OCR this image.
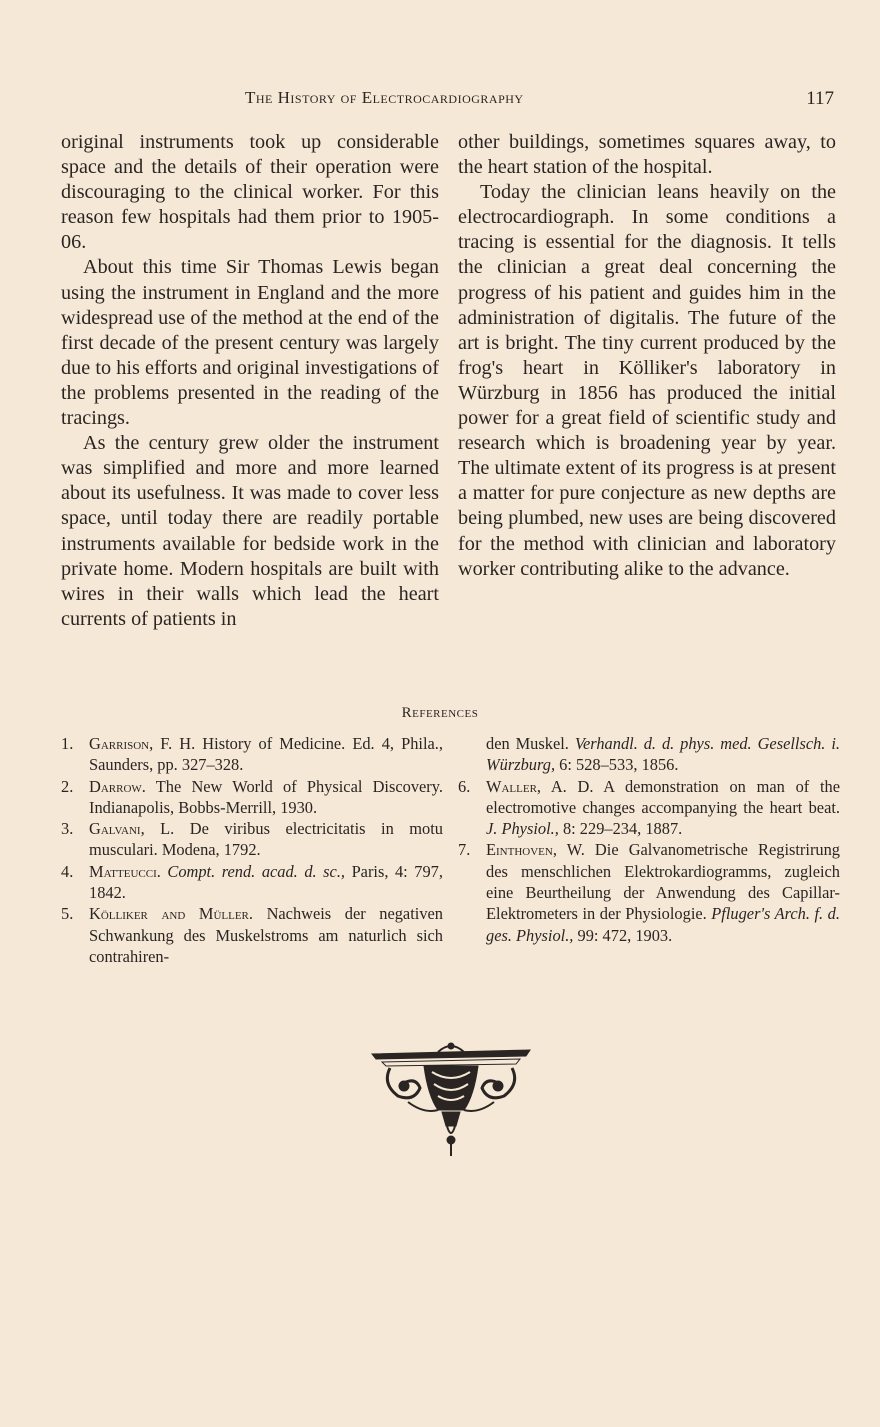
The History of Electrocardiography	117

original instruments took up considerable space and the details of their operation were discouraging to the clinical worker. For this reason few hospitals had them prior to 1905-06.

About this time Sir Thomas Lewis began using the instrument in England and the more widespread use of the method at the end of the first decade of the present century was largely due to his efforts and original investigations of the problems presented in the reading of the tracings.

As the century grew older the instrument was simplified and more and more learned about its usefulness. It was made to cover less space, until today there are readily portable instruments available for bedside work in the private home. Modern hospitals are built with wires in their walls which lead the heart currents of patients in

other buildings, sometimes squares away, to the heart station of the hospital.

Today the clinician leans heavily on the electrocardiograph. In some conditions a tracing is essential for the diagnosis. It tells the clinician a great deal concerning the progress of his patient and guides him in the administration of digitalis. The future of the art is bright. The tiny current produced by the frog's heart in Kölliker's laboratory in Würzburg in 1856 has produced the initial power for a great field of scientific study and research which is broadening year by year. The ultimate extent of its progress is at present a matter for pure conjecture as new depths are being plumbed, new uses are being discovered for the method with clinician and laboratory worker contributing alike to the advance.

References
1. Garrison, F. H. History of Medicine. Ed. 4, Phila., Saunders, pp. 327–328.
2. Darrow. The New World of Physical Discovery. Indianapolis, Bobbs-Merrill, 1930.
3. Galvani, L. De viribus electricitatis in motu musculari. Modena, 1792.
4. Matteucci. Compt. rend. acad. d. sc., Paris, 4: 797, 1842.
5. Kölliker and Müller. Nachweis der negativen Schwankung des Muskelstroms am naturlich sich contrahiren-
den Muskel. Verhandl. d. d. phys. med. Gesellsch. i. Würzburg, 6: 528–533, 1856.
6. Waller, A. D. A demonstration on man of the electromotive changes accompanying the heart beat. J. Physiol., 8: 229–234, 1887.
7. Einthoven, W. Die Galvanometrische Registrirung des menschlichen Elektrokardiogramms, zugleich eine Beurtheilung der Anwendung des Capillar-Elektrometers in der Physiologie. Pfluger's Arch. f. d. ges. Physiol., 99: 472, 1903.
